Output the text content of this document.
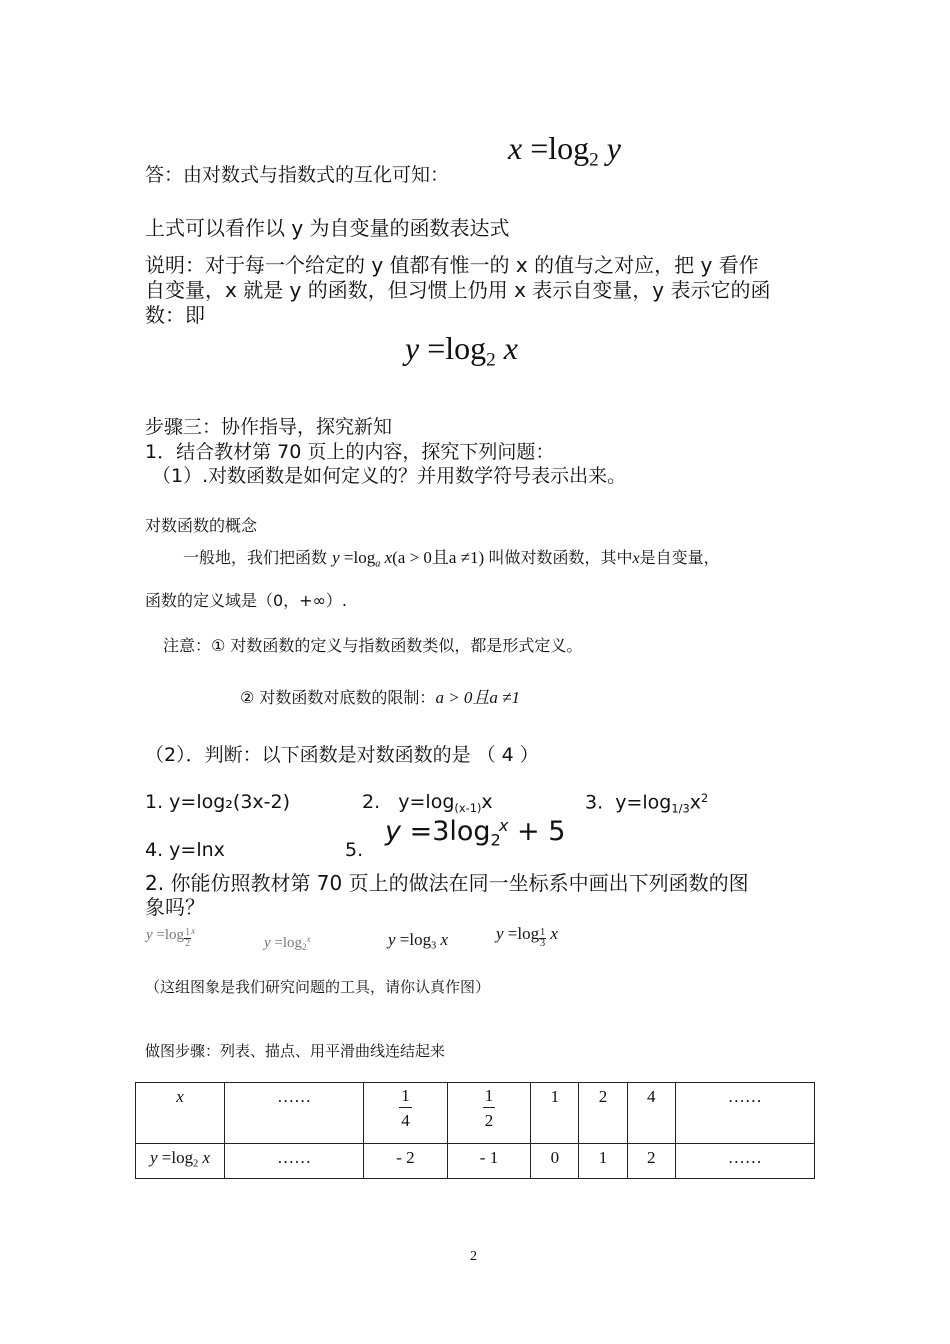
答：由对数式与指数式的互化可知：
$x =\log_2$ y
上式可以看作以 y 为自变量的函数表达式
说明：对于每一个给定的 y 值都有惟一的 x 的值与之对应，把 y 看作
自变量，x 就是 y 的函数，但习惯上仍用 x 表示自变量，y 表示它的函
数：即
$y =\log_2$ x
步骤三：协作指导，探究新知
1．结合教材第 70 页上的内容，探究下列问题：
（1）.对数函数是如何定义的？并用数学符号表示出来。
对数函数的概念
一般地，我们把函数 $y =\log_a$ x(a > 0且a ≠1) 叫做对数函数，其中x是自变量，
函数的定义域是（0，+∞）.
注意：① 对数函数的定义与指数函数类似，都是形式定义。
② 对数函数对底数的限制：a > 0且a ≠1
（2）．判断：以下函数是对数函数的是 （ 4 ）
1. y=log₂(3x-2)	2. $y=\log_{(x-1)}x$	3. $y=\log_{1/3}x^2$
4. y=lnx	5.
$y =3\log_2^x + 5$
2. 你能仿照教材第 70 页上的做法在同一坐标系中画出下列函数的图
象吗？
$y =\log \frac{1}{2}^x$
$y =\log_2^x$	$y =\log_3$ x	$y =\log \frac{1}{3}$ x
（这组图象是我们研究问题的工具，请你认真作图）
做图步骤：列表、描点、用平滑曲线连结起来
x	……	$\frac{1}{4}$	$\frac{1}{2}$	1	2	4	……
$y =\log_2$ x	……	- 2	- 1	0	1	2	……
2
